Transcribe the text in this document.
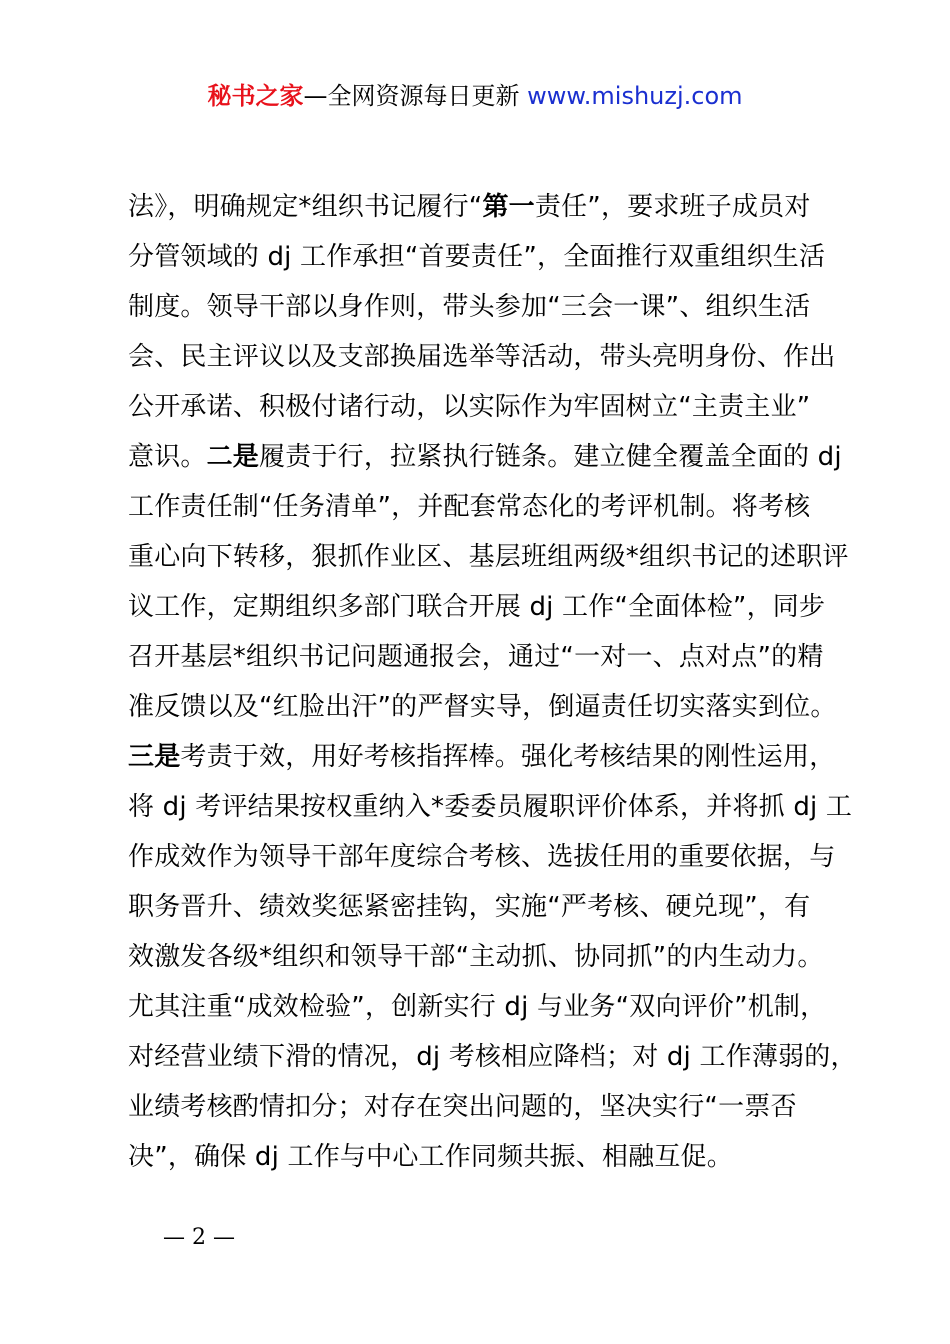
秘书之家—全网资源每日更新 www.mishuzj.com
法》，明确规定*组织书记履行“第一责任”，要求班子成员对
分管领域的 dj 工作承担“首要责任”，全面推行双重组织生活
制度。领导干部以身作则，带头参加“三会一课”、组织生活
会、民主评议以及支部换届选举等活动，带头亮明身份、作出
公开承诺、积极付诸行动，以实际作为牢固树立“主责主业”
意识。二是履责于行，拉紧执行链条。建立健全覆盖全面的 dj
工作责任制“任务清单”，并配套常态化的考评机制。将考核
重心向下转移，狠抓作业区、基层班组两级*组织书记的述职评
议工作，定期组织多部门联合开展 dj 工作“全面体检”，同步
召开基层*组织书记问题通报会，通过“一对一、点对点”的精
准反馈以及“红脸出汗”的严督实导，倒逼责任切实落实到位。
三是考责于效，用好考核指挥棒。强化考核结果的刚性运用，
将 dj 考评结果按权重纳入*委委员履职评价体系，并将抓 dj 工
作成效作为领导干部年度综合考核、选拔任用的重要依据，与
职务晋升、绩效奖惩紧密挂钩，实施“严考核、硬兑现”，有
效激发各级*组织和领导干部“主动抓、协同抓”的内生动力。
尤其注重“成效检验”，创新实行 dj 与业务“双向评价”机制，
对经营业绩下滑的情况，dj 考核相应降档；对 dj 工作薄弱的，
业绩考核酌情扣分；对存在突出问题的，坚决实行“一票否
决”，确保 dj 工作与中心工作同频共振、相融互促。
— 2 —
